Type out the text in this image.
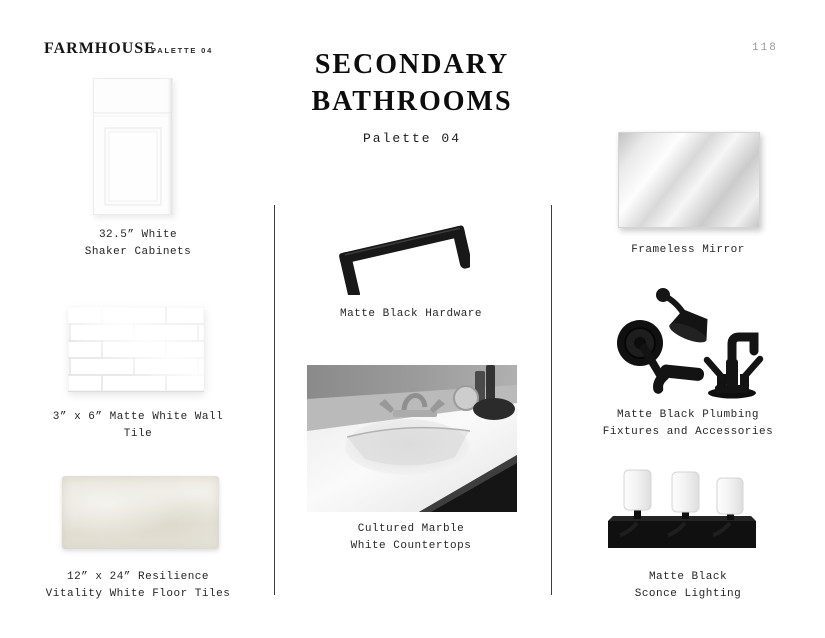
FARMHOUSE
PALETTE 04	118
SECONDARY
BATHROOMS
Palette 04
32.5” White
Shaker Cabinets
3” x 6” Matte White Wall
Tile
12” x 24” Resilience
Vitality White Floor Tiles
Matte Black Hardware
Cultured Marble
White Countertops
Frameless Mirror
Matte Black Plumbing
Fixtures and Accessories
Matte Black
Sconce Lighting
